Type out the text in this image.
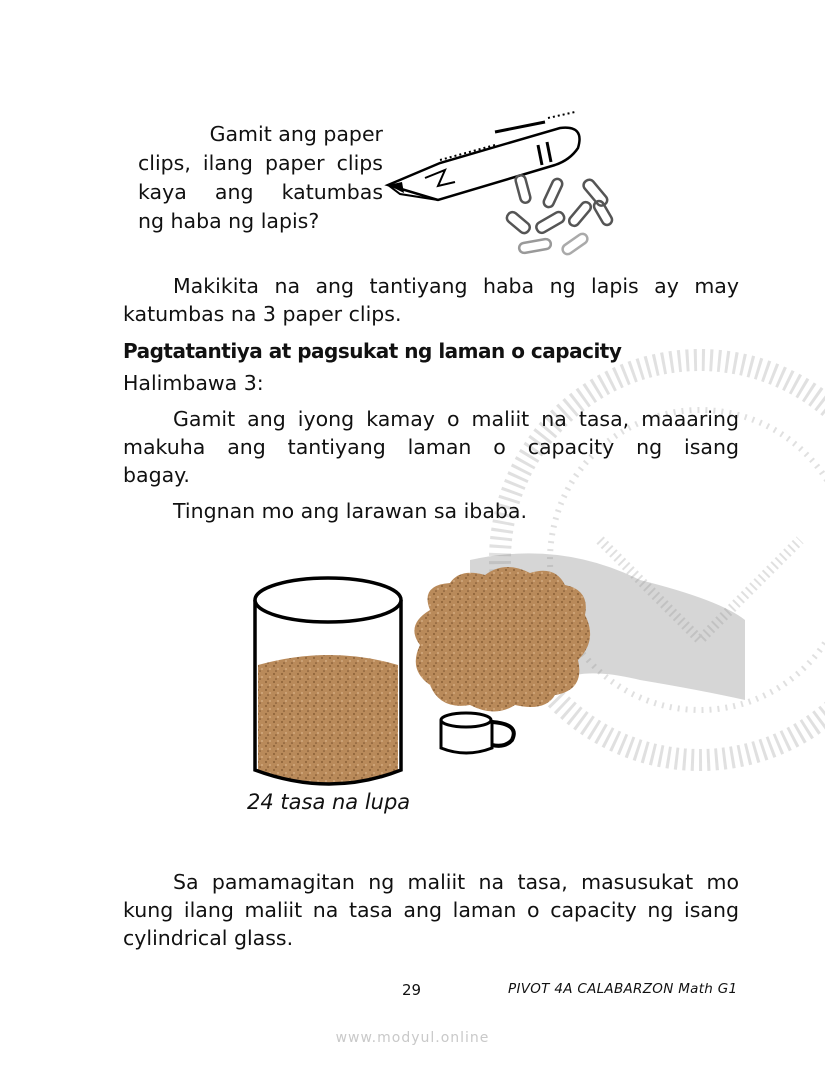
Gamit ang paper
clips, ilang paper clips
kaya ang katumbas
ng haba ng lapis?
Makikita na ang tantiyang haba ng lapis ay may
katumbas na 3 paper clips.
Pagtatantiya at pagsukat ng laman o capacity
Halimbawa 3:
Gamit ang iyong kamay o maliit na tasa, maaaring
makuha ang tantiyang laman o capacity ng isang
bagay.
Tingnan mo ang larawan sa ibaba.
24 tasa na lupa
Sa pamamagitan ng maliit na tasa, masusukat mo
kung ilang maliit na tasa ang laman o capacity ng isang
cylindrical glass.
29	PIVOT 4A CALABARZON Math G1
www.modyul.online
